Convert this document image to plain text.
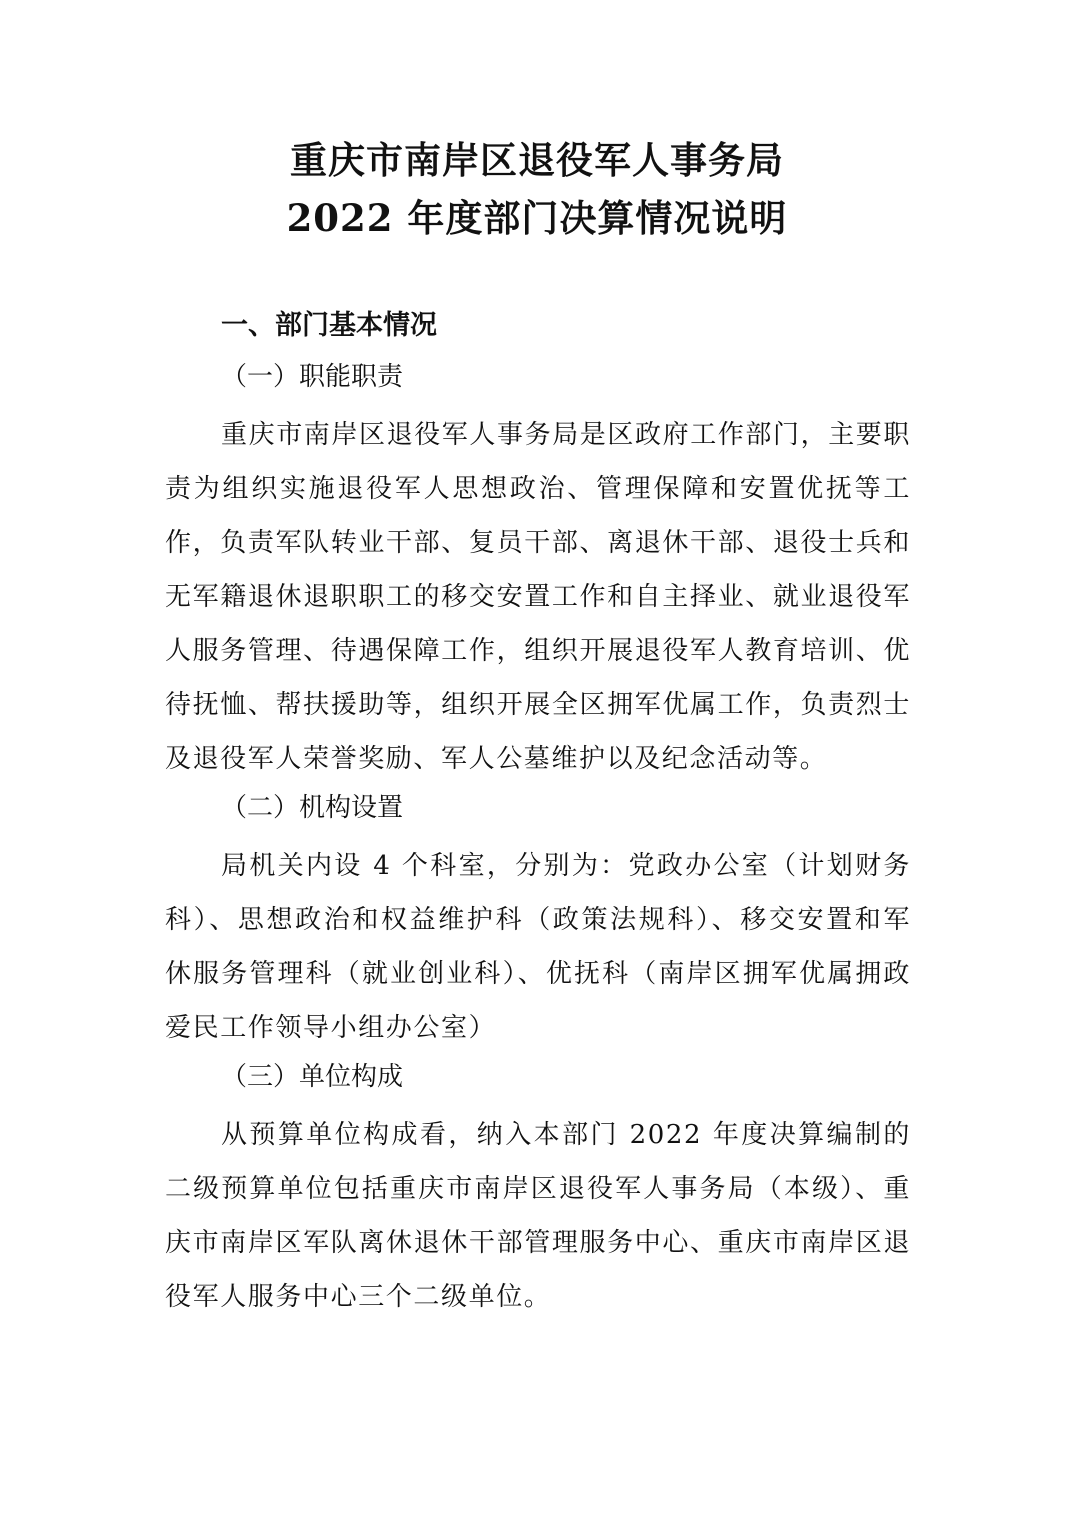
重庆市南岸区退役军人事务局
2022 年度部门决算情况说明

一、部门基本情况

（一）职能职责

重庆市南岸区退役军人事务局是区政府工作部门，主要职责为组织实施退役军人思想政治、管理保障和安置优抚等工作，负责军队转业干部、复员干部、离退休干部、退役士兵和无军籍退休退职职工的移交安置工作和自主择业、就业退役军人服务管理、待遇保障工作，组织开展退役军人教育培训、优待抚恤、帮扶援助等，组织开展全区拥军优属工作，负责烈士及退役军人荣誉奖励、军人公墓维护以及纪念活动等。

（二）机构设置

局机关内设 4 个科室，分别为：党政办公室（计划财务科）、思想政治和权益维护科（政策法规科）、移交安置和军休服务管理科（就业创业科）、优抚科（南岸区拥军优属拥政爱民工作领导小组办公室）

（三）单位构成

从预算单位构成看，纳入本部门 2022 年度决算编制的二级预算单位包括重庆市南岸区退役军人事务局（本级）、重庆市南岸区军队离休退休干部管理服务中心、重庆市南岸区退役军人服务中心三个二级单位。
